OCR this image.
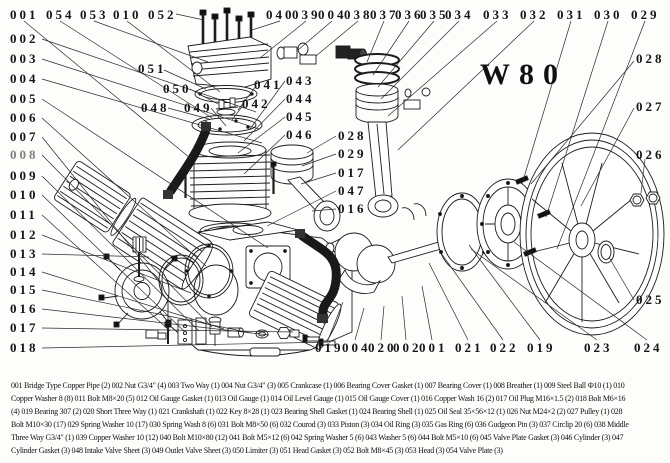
001 054 053 010 052	040
039
004
038
037
036
035
034 033 032 031 030 029
002
003
004
005
006
007
008
009
010
011
012
013
014
015
016
017
018
051
050
048 049
041
042
043
044
045
046 028
029
017
047
016
028
027
026
025
019
004
020
002
001 021 022 019 023 024
W80
001 Bridge Type Copper Pipe (2) 002 Nut G3/4" (4) 003 Two Way (1) 004 Nut G3/4" (3) 005 Crankcase (1) 006 Bearing Cover Gasket (1) 007 Bearing Cover (1) 008 Breather (1) 009 Steel Ball Ф10 (1) 010
Copper Washer 8 (8) 011 Bolt M8×20 (5) 012 Oil Gauge Gasket (1) 013 Oil Gauge (1) 014 Oil Level Gauge (1) 015 Oil Gauge Cover (1) 016 Copper Wash 16 (2) 017 Oil Plug M16×1.5 (2) 018 Bolt M6×16
(4) 019 Bearing 307 (2) 020 Short Three Way (1) 021 Crankshaft (1) 022 Key 8×28 (1) 023 Bearing Shell Gasket (1) 024 Bearing Shell (1) 025 Oil Seal 35×56×12 (1) 026 Nut M24×2 (2) 027 Pulley (1) 028
Bolt M10×30 (17) 029 Spring Washer 10 (17) 030 Spring Wash 8 (6) 031 Bolt M8×50 (6) 032 Courod (3) 033 Piston (3) 034 Oil Ring (3) 035 Gas Ring (6) 036 Gudgeon Pin (3) 037 Circlip 20 (6) 038 Middle
Three Way G3/4" (1) 039 Copper Washer 10 (12) 040 Bolt M10×80 (12) 041 Bolt M5×12 (6) 042 Spring Washer 5 (6) 043 Washer 5 (6) 044 Bolt M5×10 (6) 045 Valve Plate Gasket (3) 046 Cylinder (3) 047
Cylinder Gasket (3) 048 Intake Valve Sheet (3) 049 Outlet Valve Sheet (3) 050 Limiter (3) 051 Head Gasket (3) 052 Bolt M8×45 (3) 053 Head (3) 054 Valve Plate (3)
